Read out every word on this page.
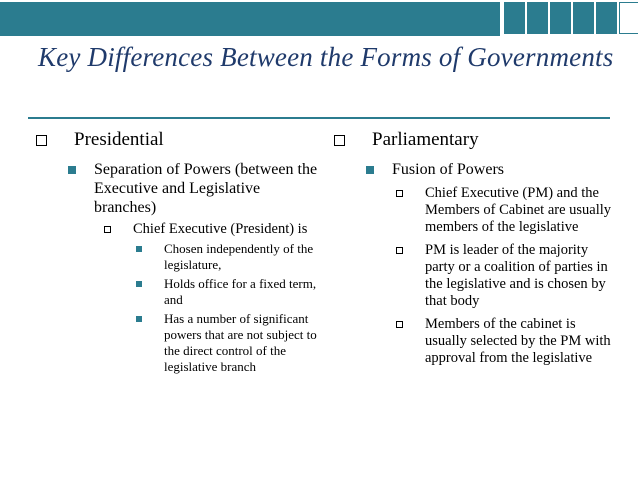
Key Differences Between the Forms of Governments
Presidential
Separation of Powers (between the Executive and Legislative branches)
Chief Executive (President) is
Chosen independently of the legislature,
Holds office for a fixed term, and
Has a number of significant powers that are not subject to the direct control of the legislative branch
Parliamentary
Fusion of Powers
Chief Executive (PM) and the Members of Cabinet are usually members of the legislative
PM is leader of the majority party or a coalition of parties in the legislative and is chosen by that body
Members of the cabinet is usually selected by the PM with approval from the legislative
